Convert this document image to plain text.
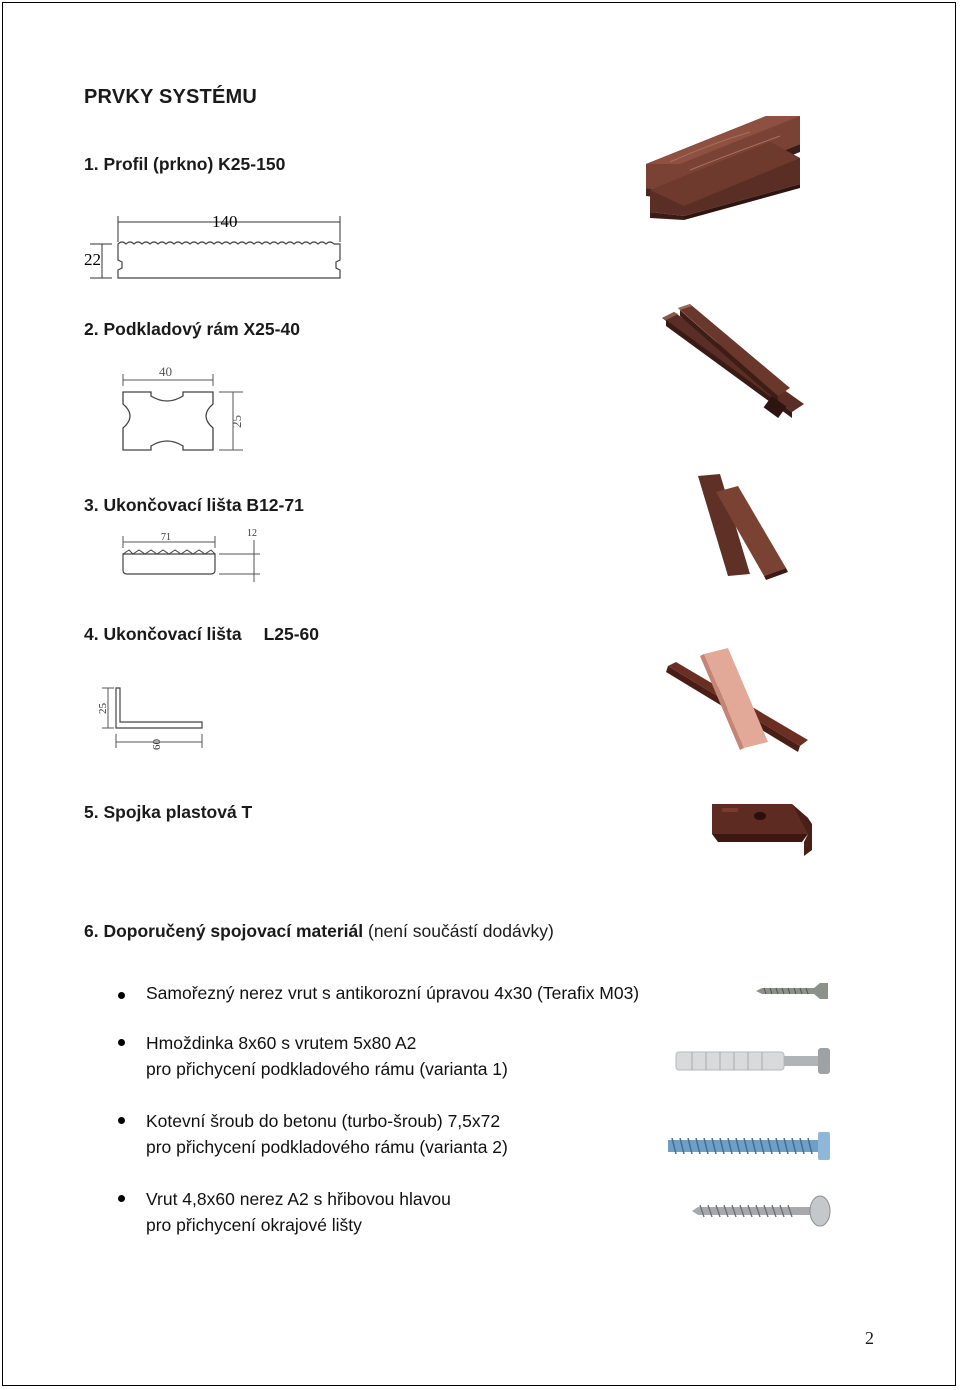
PRVKY SYSTÉMU
1. Profil (prkno) K25-150
140
22
2. Podkladový rám X25-40
40
25
3. Ukončovací lišta B12-71
71	12
4. Ukončovací lišta L25-60
25
60
5. Spojka plastová T
6. Doporučený spojovací materiál (není součástí dodávky)
Samořezný nerez vrut s antikorozní úpravou 4x30 (Terafix M03)
Hmoždinka 8x60 s vrutem 5x80 A2
pro přichycení podkladového rámu (varianta 1)
Kotevní šroub do betonu (turbo-šroub) 7,5x72
pro přichycení podkladového rámu (varianta 2)
Vrut 4,8x60 nerez A2 s hřibovou hlavou
pro přichycení okrajové lišty
2
